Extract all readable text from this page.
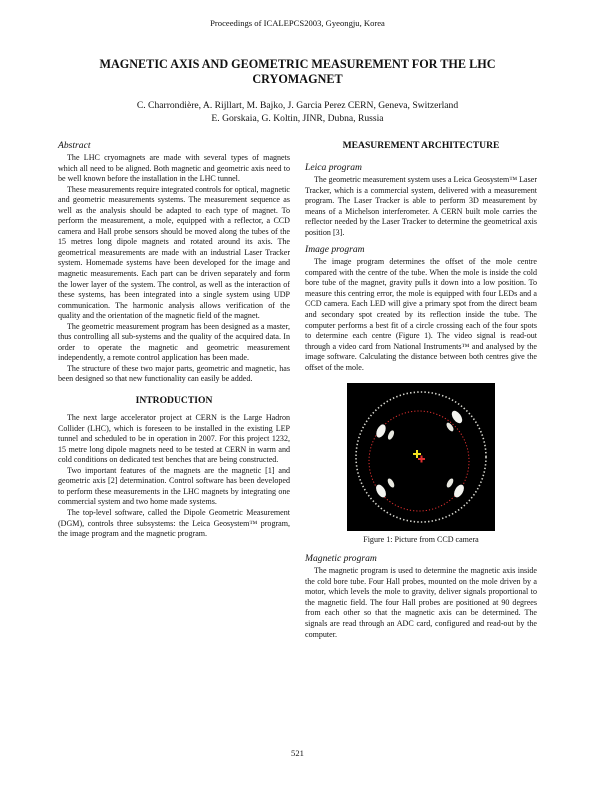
Proceedings of ICALEPCS2003, Gyeongju, Korea
MAGNETIC AXIS AND GEOMETRIC MEASUREMENT FOR THE LHC
CRYOMAGNET
C. Charrondière, A. Rijllart, M. Bajko, J. Garcia Perez CERN, Geneva, Switzerland
E. Gorskaia, G. Koltin, JINR, Dubna, Russia
Abstract

The LHC cryomagnets are made with several types of magnets which all need to be aligned. Both magnetic and geometric axis need to be well known before the installation in the LHC tunnel.

These measurements require integrated controls for optical, magnetic and geometric measurements systems. The measurement sequence as well as the analysis should be adapted to each type of magnet. To perform the measurement, a mole, equipped with a reflector, a CCD camera and Hall probe sensors should be moved along the tubes of the 15 metres long dipole magnets and rotated around its axis. The geometrical measurements are made with an industrial Laser Tracker system. Homemade systems have been developed for the image and magnetic measurements. Each part can be driven separately and form the lower layer of the system. The control, as well as the interaction of these systems, has been integrated into a single system using UDP communication. The harmonic analysis allows verification of the quality and the orientation of the magnetic field of the magnet.

The geometric measurement program has been designed as a master, thus controlling all sub-systems and the quality of the acquired data. In order to operate the magnetic and geometric measurement independently, a remote control application has been made.

The structure of these two major parts, geometric and magnetic, has been designed so that new functionality can easily be added.

INTRODUCTION

The next large accelerator project at CERN is the Large Hadron Collider (LHC), which is foreseen to be installed in the existing LEP tunnel and scheduled to be in operation in 2007. For this project 1232, 15 metre long dipole magnets need to be tested at CERN in warm and cold conditions on dedicated test benches that are being constructed.

Two important features of the magnets are the magnetic [1] and geometric axis [2] determination. Control software has been developed to perform these measurements in the LHC magnets by integrating one commercial system and two home made systems.

The top-level software, called the Dipole Geometric Measurement (DGM), controls three subsystems: the Leica Geosystem™ program, the image program and the magnetic program.

MEASUREMENT ARCHITECTURE
Leica program

The geometric measurement system uses a Leica Geosystem™ Laser Tracker, which is a commercial system, delivered with a measurement program. The Laser Tracker is able to perform 3D measurement by means of a Michelson interferometer. A CERN built mole carries the reflector needed by the Laser Tracker to determine the geometrical axis position [3].

Image program

The image program determines the offset of the mole centre compared with the centre of the tube. When the mole is inside the cold bore tube of the magnet, gravity pulls it down into a low position. To measure this centring error, the mole is equipped with four LEDs and a CCD camera. Each LED will give a primary spot from the direct beam and secondary spot created by its reflection inside the tube. The computer performs a best fit of a circle crossing each of the four spots to determine each centre (Figure 1). The video signal is read-out through a video card from National Instruments™ and analysed by the image software. Calculating the distance between both centres give the offset of the mole.

Figure 1: Picture from CCD camera
Magnetic program

The magnetic program is used to determine the magnetic axis inside the cold bore tube. Four Hall probes, mounted on the mole driven by a motor, which levels the mole to gravity, deliver signals proportional to the magnetic field. The four Hall probes are positioned at 90 degrees from each other so that the magnetic axis can be determined. The signals are read through an ADC card, configured and read-out by the computer.

521
